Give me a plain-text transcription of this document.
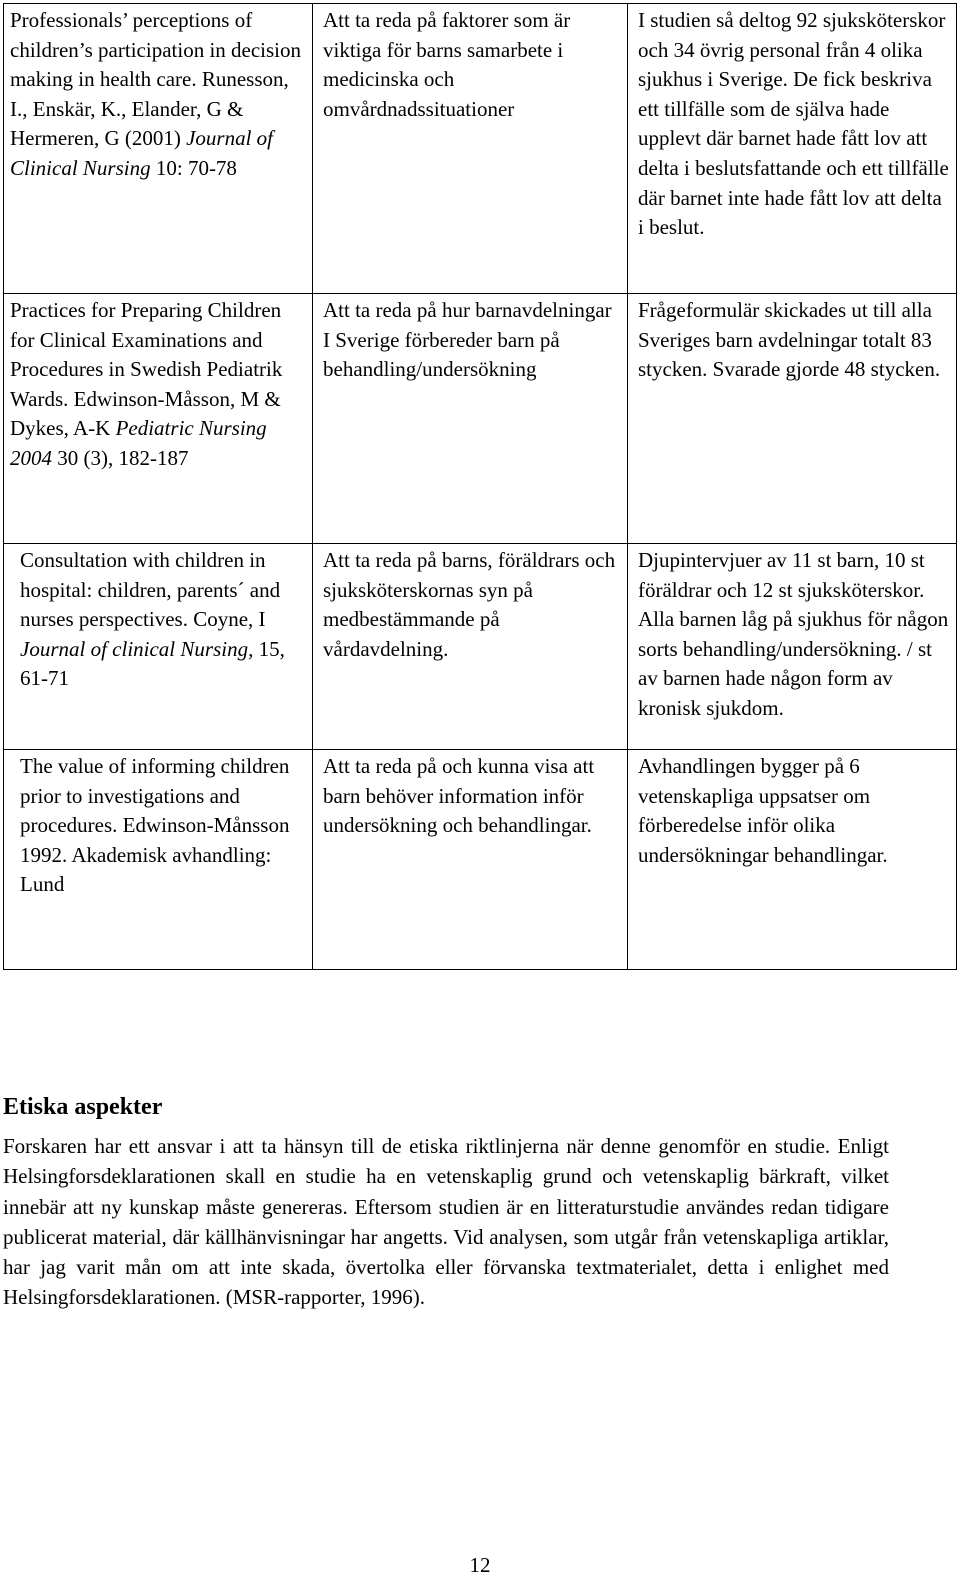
Professionals’ perceptions of children’s participation in decision making in health care. Runesson, I., Enskär, K., Elander, G & Hermeren, G (2001) Journal of Clinical Nursing 10: 70-78	Att ta reda på faktorer som är viktiga för barns samarbete i medicinska och omvårdnadssituationer	I studien så deltog 92 sjuksköterskor och 34 övrig personal från 4 olika sjukhus i Sverige. De fick beskriva ett tillfälle som de själva hade upplevt där barnet hade fått lov att delta i beslutsfattande och ett tillfälle där barnet inte hade fått lov att delta i beslut.
Practices for Preparing Children for Clinical Examinations and Procedures in Swedish Pediatrik Wards. Edwinson-Måsson, M & Dykes, A-K Pediatric Nursing 2004 30 (3), 182-187	Att ta reda på hur barnavdelningar I Sverige förbereder barn på behandling/undersökning	Frågeformulär skickades ut till alla Sveriges barn avdelningar totalt 83 stycken. Svarade gjorde 48 stycken.

Consultation with children in hospital: children, parents´ and nurses perspectives. Coyne, I Journal of clinical Nursing, 15, 61-71	Att ta reda på barns, föräldrars och sjuksköterskornas syn på medbestämmande på vårdavdelning.	Djupintervjuer av 11 st barn, 10 st föräldrar och 12 st sjuksköterskor. Alla barnen låg på sjukhus för någon sorts behandling/undersökning. / st av barnen hade någon form av kronisk sjukdom.

The value of informing children prior to investigations and procedures. Edwinson-Månsson 1992. Akademisk avhandling: Lund	Att ta reda på och kunna visa att barn behöver information inför undersökning och behandlingar.	Avhandlingen bygger på 6 vetenskapliga uppsatser om förberedelse inför olika undersökningar behandlingar.
Etiska aspekter

Forskaren har ett ansvar i att ta hänsyn till de etiska riktlinjerna när denne genomför en studie. Enligt Helsingforsdeklarationen skall en studie ha en vetenskaplig grund och vetenskaplig bärkraft, vilket innebär att ny kunskap måste genereras. Eftersom studien är en litteraturstudie användes redan tidigare publicerat material, där källhänvisningar har angetts. Vid analysen, som utgår från vetenskapliga artiklar, har jag varit mån om att inte skada, övertolka eller förvanska textmaterialet, detta i enlighet med Helsingforsdeklarationen. (MSR-rapporter, 1996).

12
